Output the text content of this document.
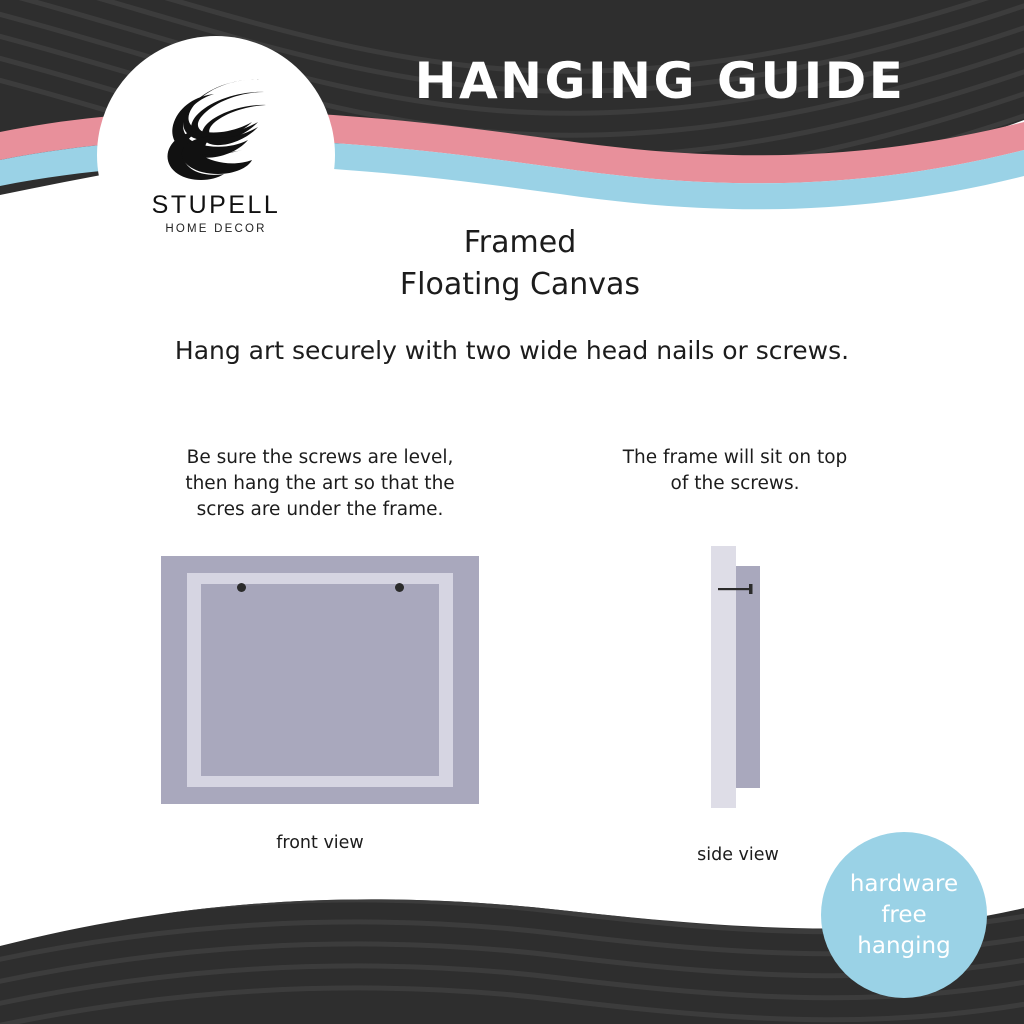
STUPELL
HOME DECOR
HANGING GUIDE
Framed
Floating Canvas
Hang art securely with two wide head nails or screws.
Be sure the screws are level,
then hang the art so that the
scres are under the frame.
The frame will sit on top
of the screws.
front view
side view
hardware
free
hanging
